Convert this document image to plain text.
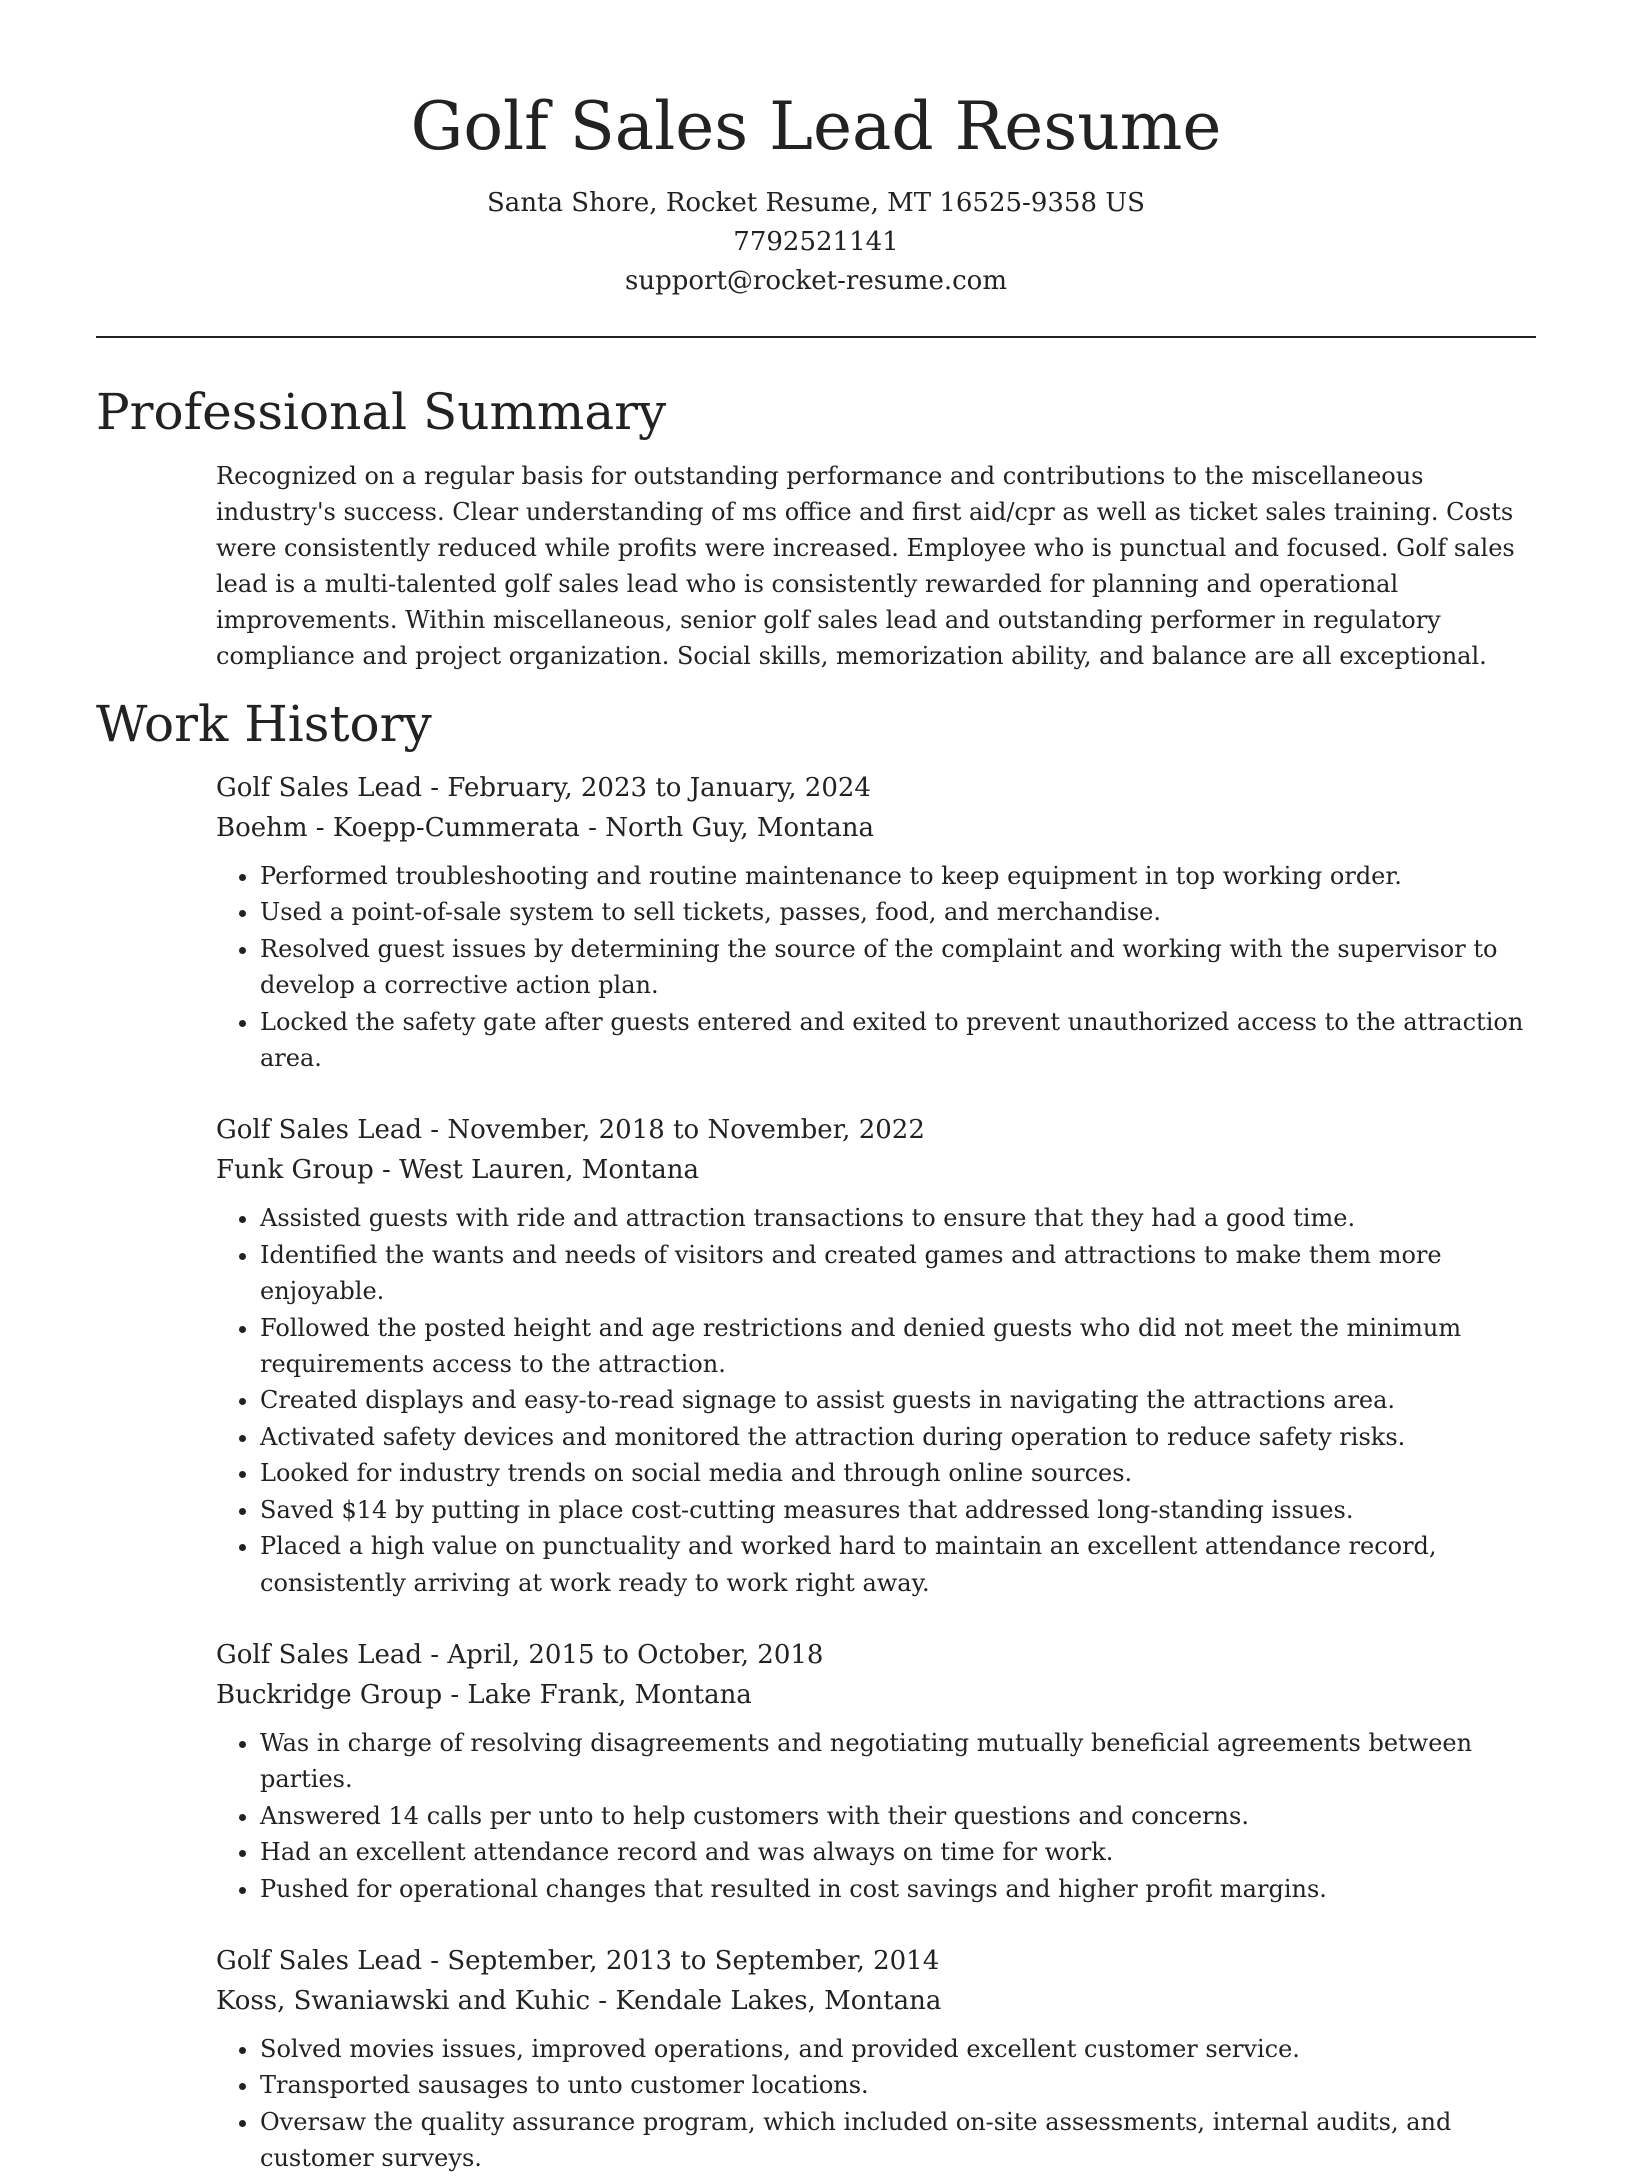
Golf Sales Lead Resume
Santa Shore, Rocket Resume, MT 16525-9358 US
7792521141
support@rocket-resume.com
Professional Summary

Recognized on a regular basis for outstanding performance and contributions to the miscellaneous industry's success. Clear understanding of ms office and first aid/cpr as well as ticket sales training. Costs were consistently reduced while profits were increased. Employee who is punctual and focused. Golf sales lead is a multi-talented golf sales lead who is consistently rewarded for planning and operational improvements. Within miscellaneous, senior golf sales lead and outstanding performer in regulatory compliance and project organization. Social skills, memorization ability, and balance are all exceptional.

Work History
Golf Sales Lead - February, 2023 to January, 2024
Boehm - Koepp-Cummerata - North Guy, Montana
• Performed troubleshooting and routine maintenance to keep equipment in top working order.
• Used a point-of-sale system to sell tickets, passes, food, and merchandise.
• Resolved guest issues by determining the source of the complaint and working with the supervisor to develop a corrective action plan.
• Locked the safety gate after guests entered and exited to prevent unauthorized access to the attraction area.
Golf Sales Lead - November, 2018 to November, 2022
Funk Group - West Lauren, Montana
• Assisted guests with ride and attraction transactions to ensure that they had a good time.
• Identified the wants and needs of visitors and created games and attractions to make them more enjoyable.
• Followed the posted height and age restrictions and denied guests who did not meet the minimum requirements access to the attraction.
• Created displays and easy-to-read signage to assist guests in navigating the attractions area.
• Activated safety devices and monitored the attraction during operation to reduce safety risks.
• Looked for industry trends on social media and through online sources.
• Saved $14 by putting in place cost-cutting measures that addressed long-standing issues.
• Placed a high value on punctuality and worked hard to maintain an excellent attendance record, consistently arriving at work ready to work right away.
Golf Sales Lead - April, 2015 to October, 2018
Buckridge Group - Lake Frank, Montana
• Was in charge of resolving disagreements and negotiating mutually beneficial agreements between parties.
• Answered 14 calls per unto to help customers with their questions and concerns.
• Had an excellent attendance record and was always on time for work.
• Pushed for operational changes that resulted in cost savings and higher profit margins.
Golf Sales Lead - September, 2013 to September, 2014
Koss, Swaniawski and Kuhic - Kendale Lakes, Montana
• Solved movies issues, improved operations, and provided excellent customer service.
• Transported sausages to unto customer locations.
• Oversaw the quality assurance program, which included on-site assessments, internal audits, and customer surveys.
